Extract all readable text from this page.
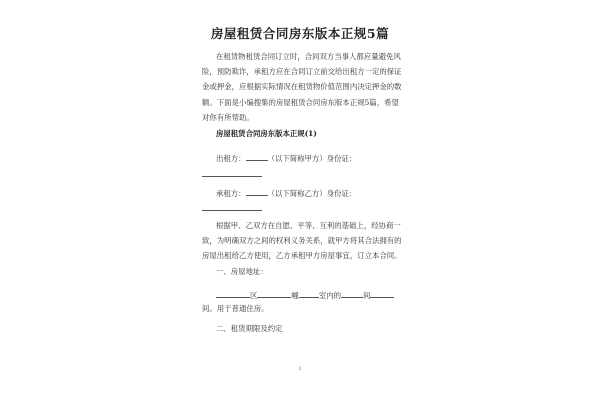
房屋租赁合同房东版本正规5篇
在租赁物租赁合同订立时，合同双方当事人都应量避免风
险，预防欺诈，承租方应在合同订立前交给出租方一定的保证
金或押金，应根据实际情况在租赁物价值范围内决定押金的数
额。下面是小编搜集的房屋租赁合同房东版本正规5篇，希望
对你有所帮助。
房屋租赁合同房东版本正规(1)
出租方：	（以下简称甲方）身份证：
承租方：	（以下简称乙方）身份证：
根据甲、乙双方在自愿、平等、互利的基础上，经协商一
致，为明确双方之间的权利义务关系，就甲方将其合法拥有的
房屋出租给乙方使用，乙方承租甲方房屋事宜，订立本合同。
一、房屋地址：
区	幢	室内的	间
间。用于普通住房。
二、租赁期限及约定
1
